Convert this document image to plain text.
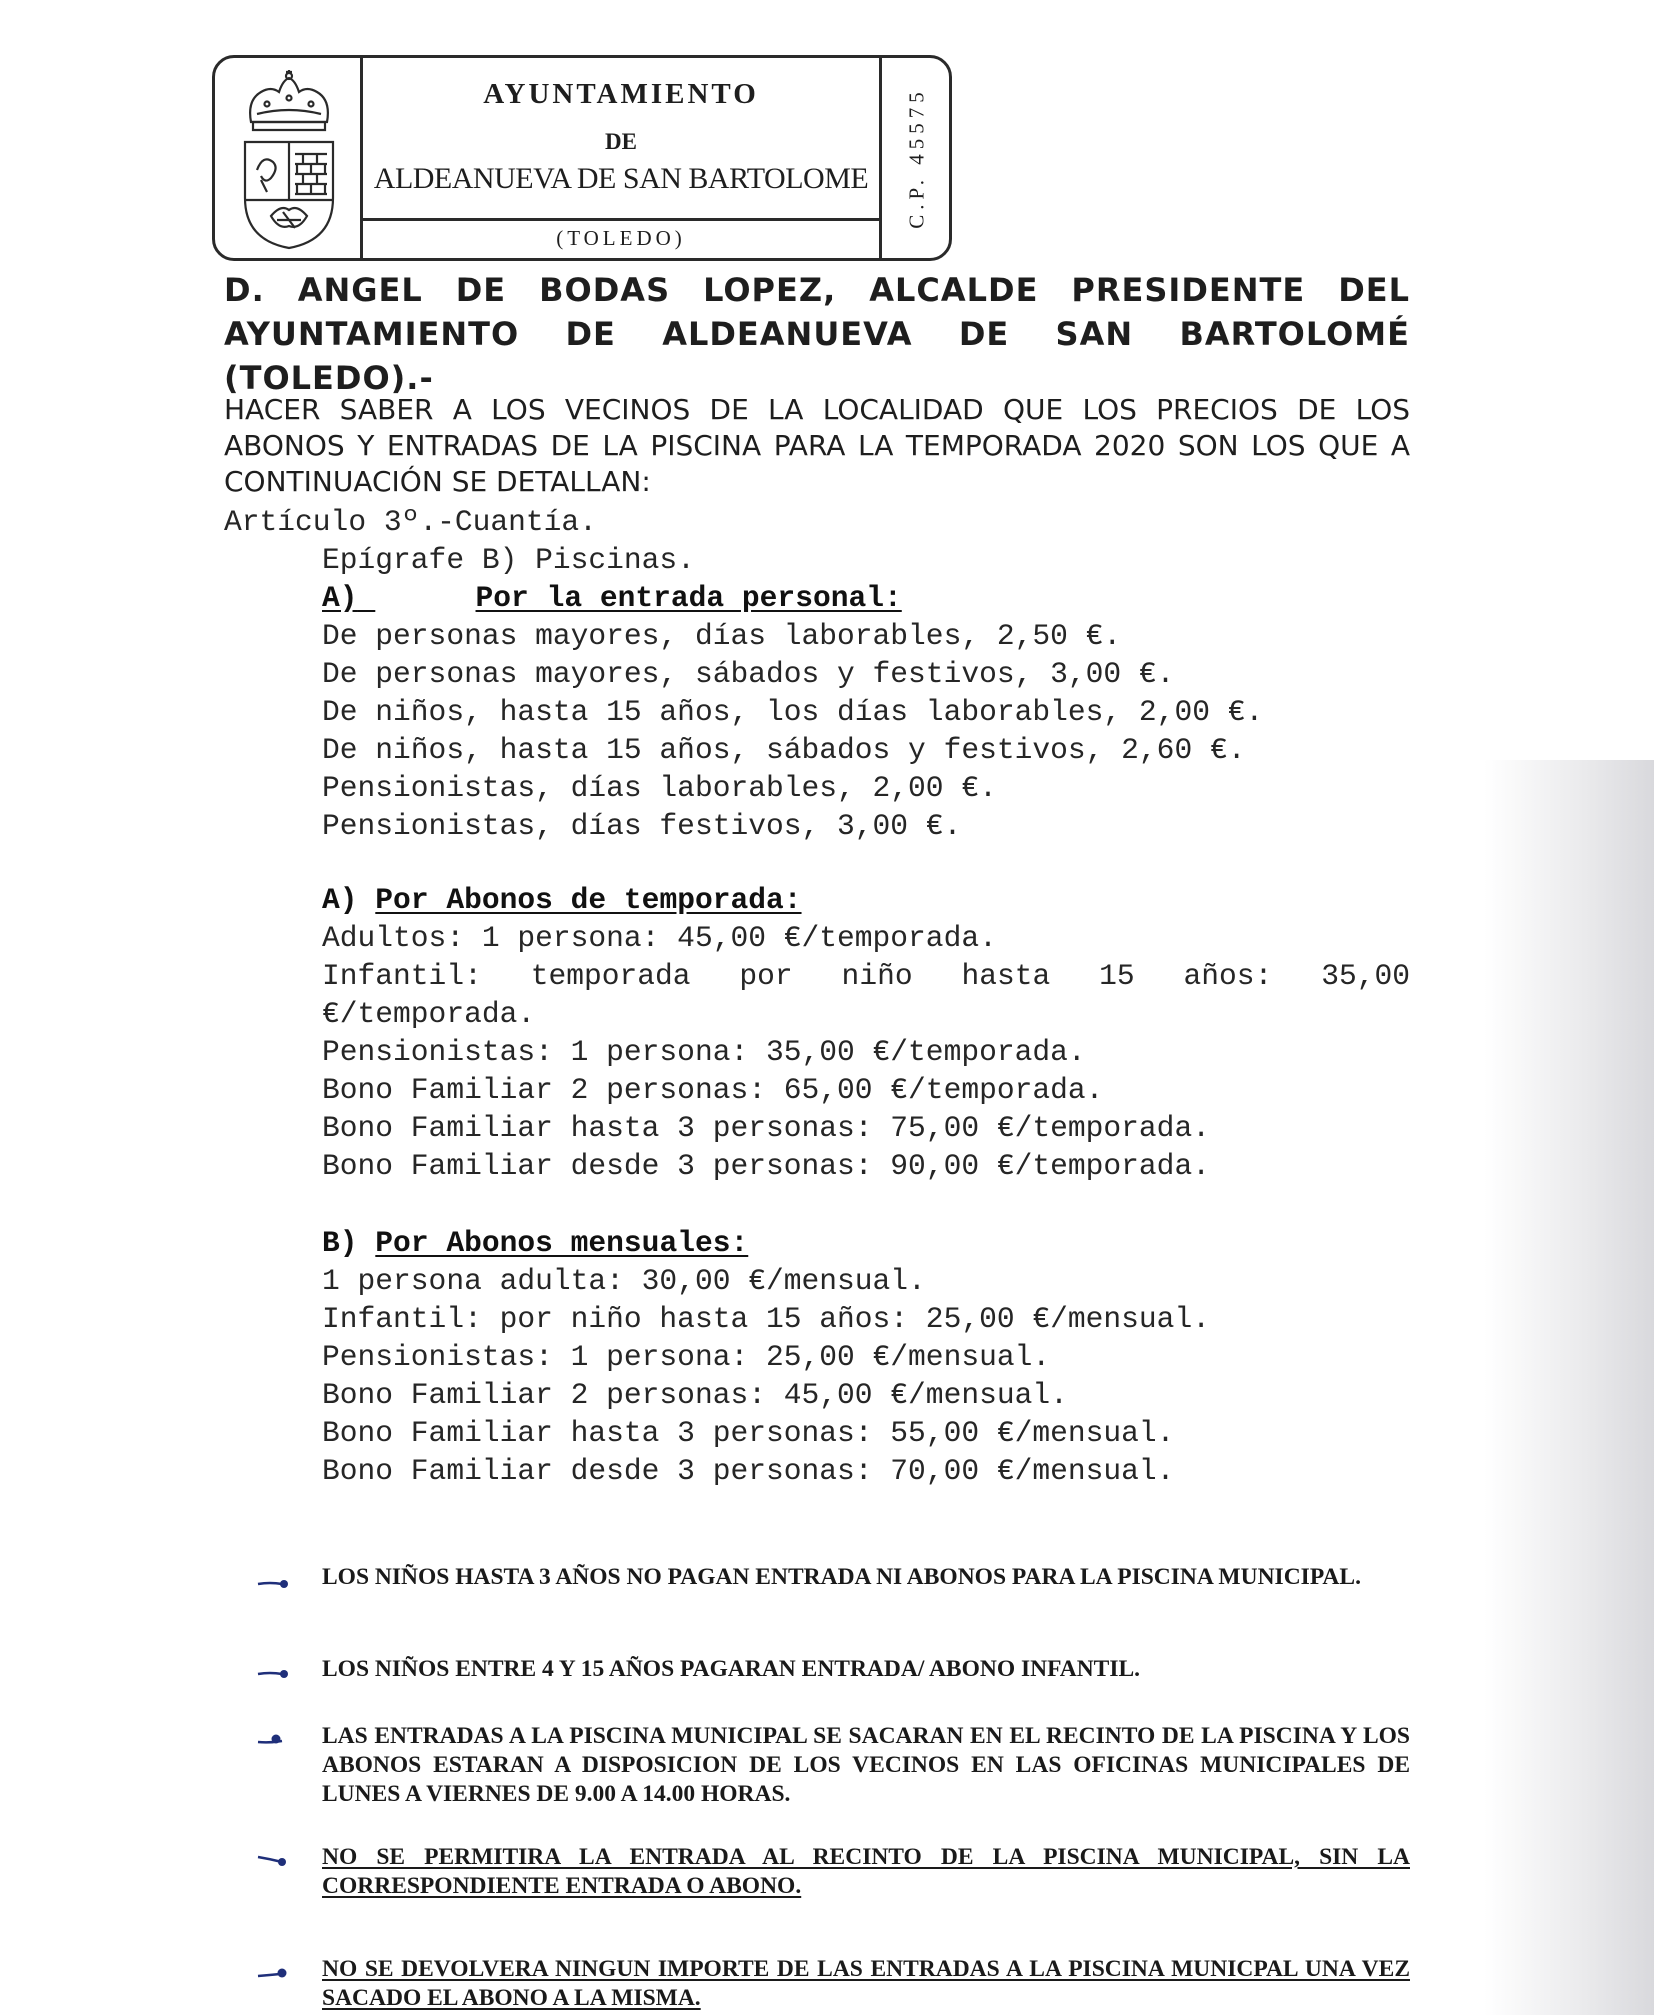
AYUNTAMIENTO
DE
ALDEANUEVA DE SAN BARTOLOME
(TOLEDO)
C.P. 45575
D. ANGEL DE BODAS LOPEZ, ALCALDE PRESIDENTE DEL AYUNTAMIENTO DE ALDEANUEVA DE SAN BARTOLOMÉ (TOLEDO).-
HACER SABER A LOS VECINOS DE LA LOCALIDAD QUE LOS PRECIOS DE LOS ABONOS Y ENTRADAS DE LA PISCINA PARA LA TEMPORADA 2020 SON LOS QUE A CONTINUACIÓN SE DETALLAN:
Artículo 3º.-Cuantía.
Epígrafe B) Piscinas.
A)	Por la entrada personal:
De personas mayores, días laborables, 2,50 €.
De personas mayores, sábados y festivos, 3,00 €.
De niños, hasta 15 años, los días laborables, 2,00 €.
De niños, hasta 15 años, sábados y festivos, 2,60 €.
Pensionistas, días laborables, 2,00 €.
Pensionistas, días festivos, 3,00 €.
A) Por Abonos de temporada:
Adultos: 1 persona: 45,00 €/temporada.
Infantil: temporada por niño hasta 15 años: 35,00
€/temporada.
Pensionistas: 1 persona: 35,00 €/temporada.
Bono Familiar 2 personas: 65,00 €/temporada.
Bono Familiar hasta 3 personas: 75,00 €/temporada.
Bono Familiar desde 3 personas: 90,00 €/temporada.
B) Por Abonos mensuales:
1 persona adulta: 30,00 €/mensual.
Infantil: por niño hasta 15 años: 25,00 €/mensual.
Pensionistas: 1 persona: 25,00 €/mensual.
Bono Familiar 2 personas: 45,00 €/mensual.
Bono Familiar hasta 3 personas: 55,00 €/mensual.
Bono Familiar desde 3 personas: 70,00 €/mensual.
LOS NIÑOS HASTA 3 AÑOS NO PAGAN ENTRADA NI ABONOS PARA LA PISCINA MUNICIPAL.
LOS NIÑOS ENTRE 4 Y 15 AÑOS PAGARAN ENTRADA/ ABONO INFANTIL.
LAS ENTRADAS A LA PISCINA MUNICIPAL SE SACARAN EN EL RECINTO DE LA PISCINA Y LOS ABONOS ESTARAN A DISPOSICION DE LOS VECINOS EN LAS OFICINAS MUNICIPALES DE LUNES A VIERNES DE 9.00 A 14.00 HORAS.
NO SE PERMITIRA LA ENTRADA AL RECINTO DE LA PISCINA MUNICIPAL, SIN LA CORRESPONDIENTE ENTRADA O ABONO.
NO SE DEVOLVERA NINGUN IMPORTE DE LAS ENTRADAS A LA PISCINA MUNICPAL UNA VEZ SACADO EL ABONO A LA MISMA.
